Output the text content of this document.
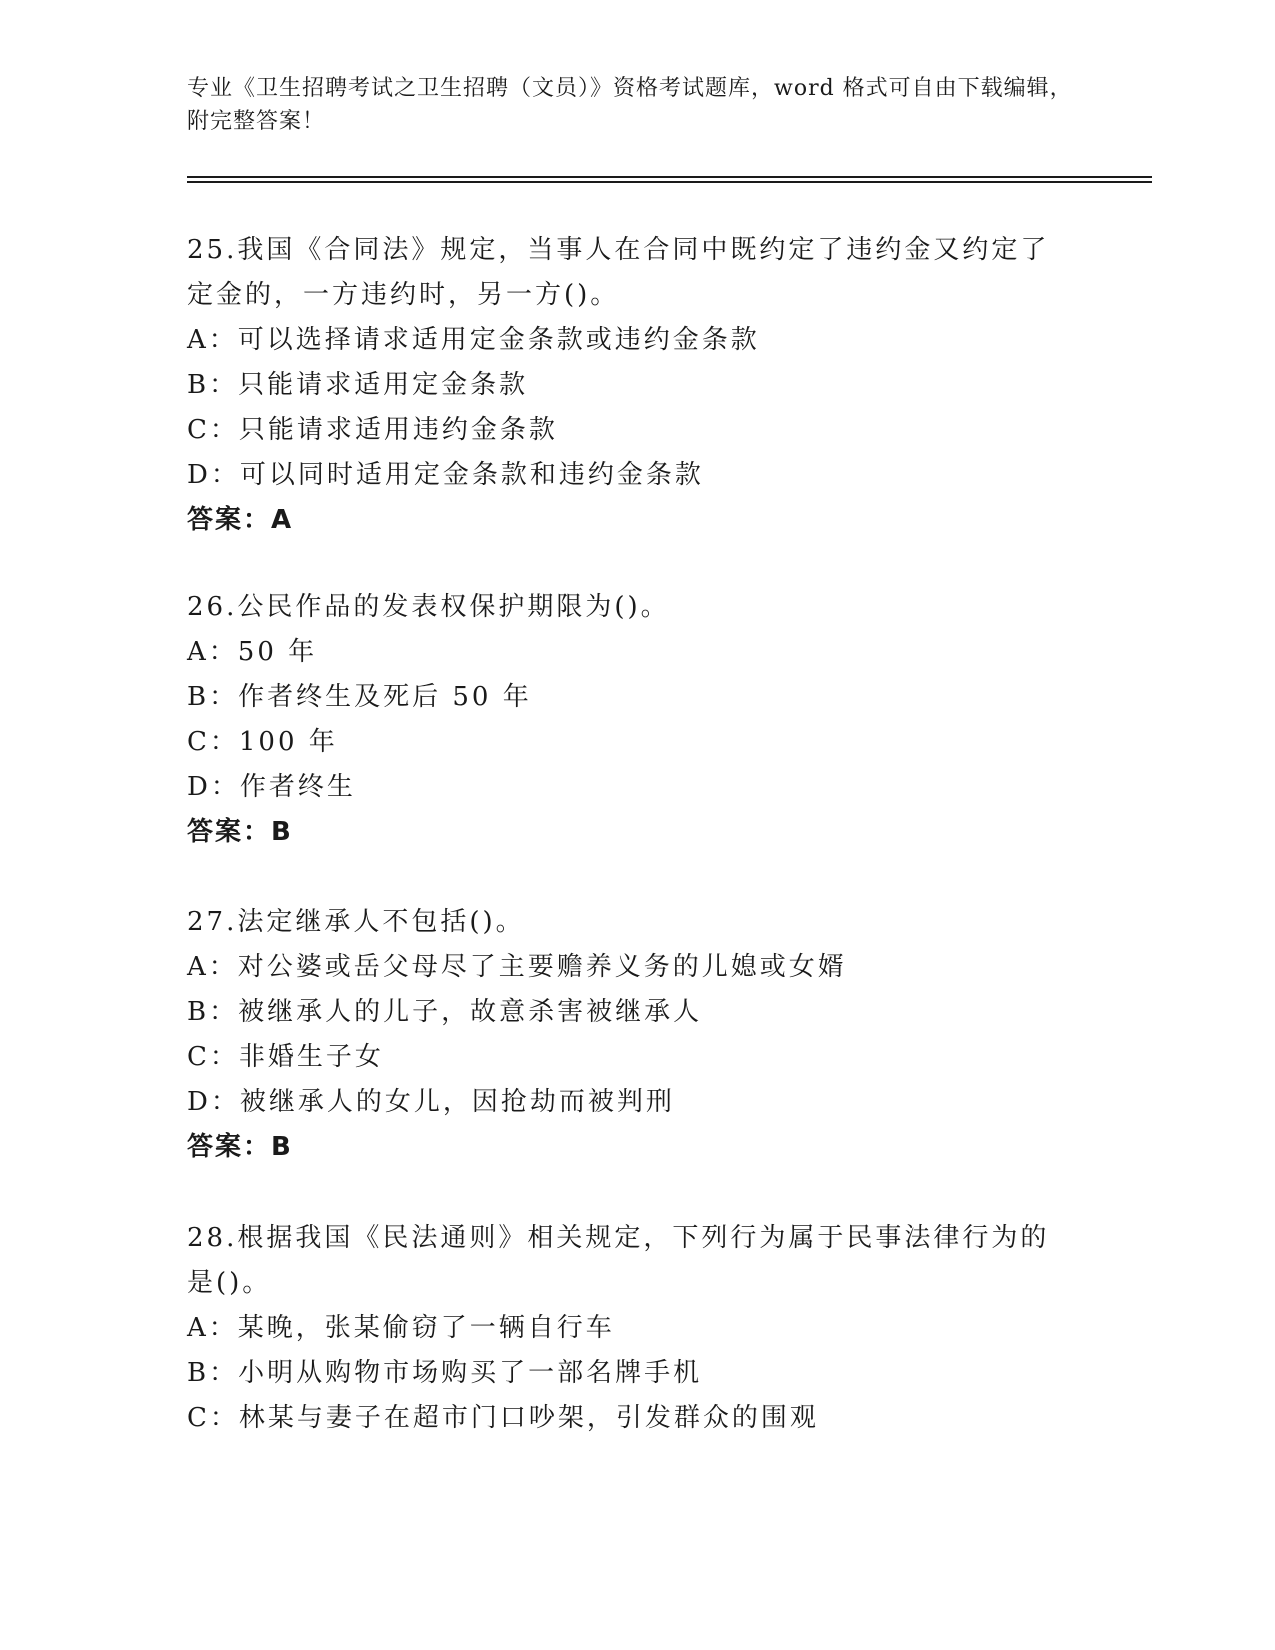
专业《卫生招聘考试之卫生招聘（文员）》资格考试题库，word 格式可自由下载编辑，附完整答案！
25.我国《合同法》规定，当事人在合同中既约定了违约金又约定了定金的，一方违约时，另一方()。
A：可以选择请求适用定金条款或违约金条款
B：只能请求适用定金条款
C：只能请求适用违约金条款
D：可以同时适用定金条款和违约金条款
答案：A
26.公民作品的发表权保护期限为()。
A：50 年
B：作者终生及死后 50 年
C：100 年
D：作者终生
答案：B
27.法定继承人不包括()。
A：对公婆或岳父母尽了主要赡养义务的儿媳或女婿
B：被继承人的儿子，故意杀害被继承人
C：非婚生子女
D：被继承人的女儿，因抢劫而被判刑
答案：B
28.根据我国《民法通则》相关规定，下列行为属于民事法律行为的是()。
A：某晚，张某偷窃了一辆自行车
B：小明从购物市场购买了一部名牌手机
C：林某与妻子在超市门口吵架，引发群众的围观
